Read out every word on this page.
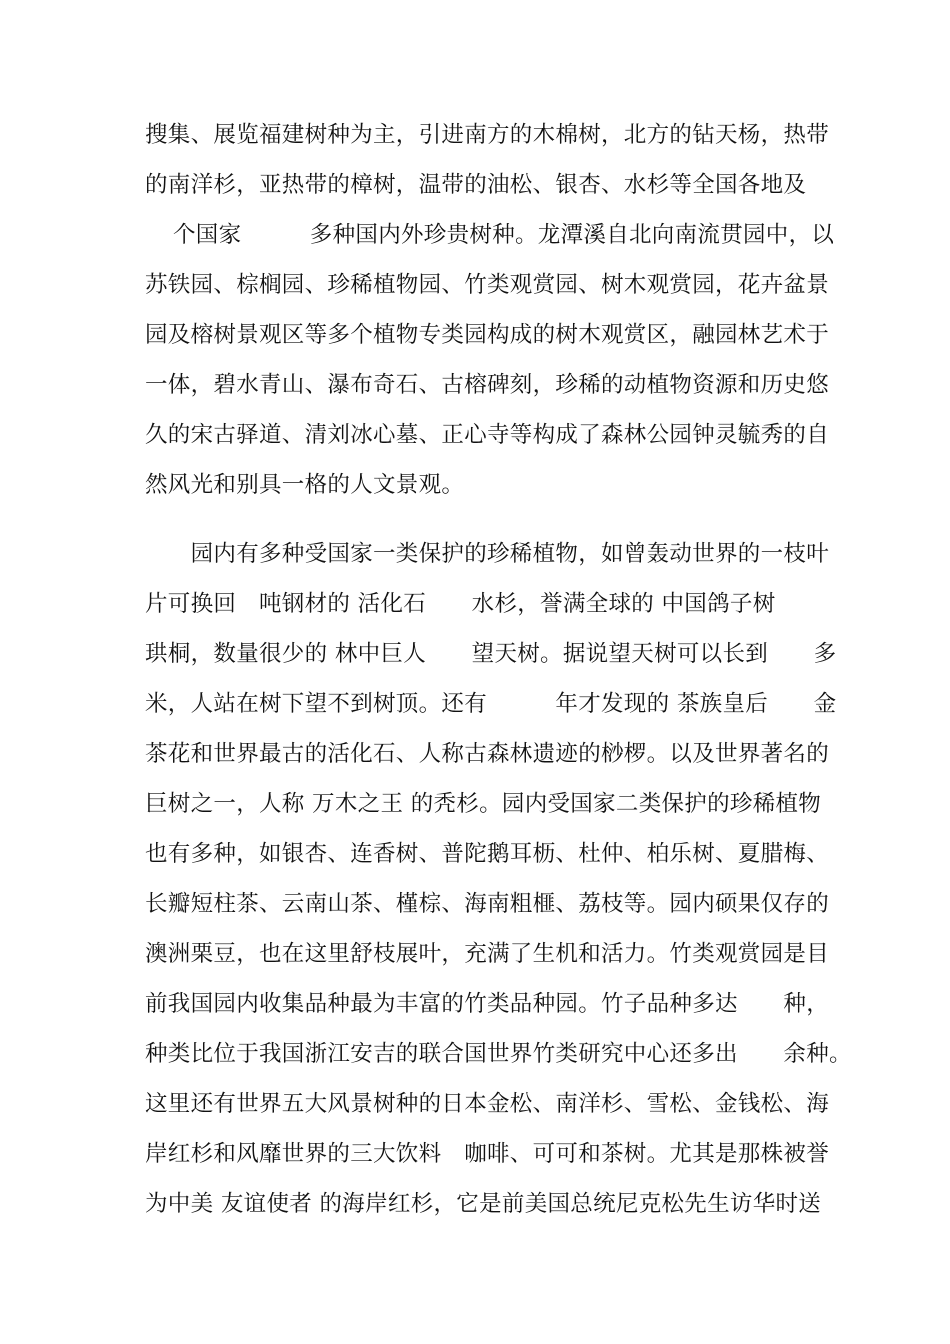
搜集、展览福建树种为主，引进南方的木棉树，北方的钻天杨，热带
的南洋杉，亚热带的樟树，温带的油松、银杏、水杉等全国各地及
个国家　　　多种国内外珍贵树种。龙潭溪自北向南流贯园中，以
苏铁园、棕榈园、珍稀植物园、竹类观赏园、树木观赏园，花卉盆景
园及榕树景观区等多个植物专类园构成的树木观赏区，融园林艺术于
一体，碧水青山、瀑布奇石、古榕碑刻，珍稀的动植物资源和历史悠
久的宋古驿道、清刘冰心墓、正心寺等构成了森林公园钟灵毓秀的自
然风光和别具一格的人文景观。
　　园内有多种受国家一类保护的珍稀植物，如曾轰动世界的一枝叶
片可换回　吨钢材的 活化石　　水杉，誉满全球的 中国鸽子树
珙桐，数量很少的 林中巨人　　望天树。据说望天树可以长到　　多
米，人站在树下望不到树顶。还有　　　年才发现的 茶族皇后　　金
茶花和世界最古的活化石、人称古森林遗迹的桫椤。以及世界著名的
巨树之一，人称 万木之王 的秃杉。园内受国家二类保护的珍稀植物
也有多种，如银杏、连香树、普陀鹅耳枥、杜仲、柏乐树、夏腊梅、
长瓣短柱茶、云南山茶、槿棕、海南粗榧、荔枝等。园内硕果仅存的
澳洲栗豆，也在这里舒枝展叶，充满了生机和活力。竹类观赏园是目
前我国园内收集品种最为丰富的竹类品种园。竹子品种多达　　种，
种类比位于我国浙江安吉的联合国世界竹类研究中心还多出　　余种。
这里还有世界五大风景树种的日本金松、南洋杉、雪松、金钱松、海
岸红杉和风靡世界的三大饮料　咖啡、可可和茶树。尤其是那株被誉
为中美 友谊使者 的海岸红杉，它是前美国总统尼克松先生访华时送
